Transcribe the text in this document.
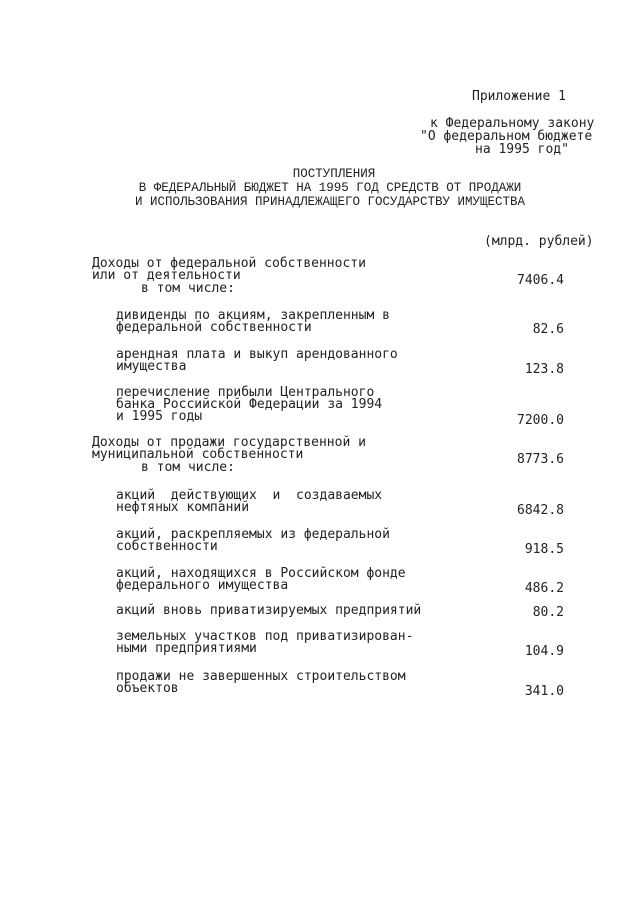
Приложение 1
к Федеральному закону
"О федеральном бюджете
на 1995 год"
ПОСТУПЛЕНИЯ
В ФЕДЕРАЛЬНЫЙ БЮДЖЕТ НА 1995 ГОД СРЕДСТВ ОТ ПРОДАЖИ
И ИСПОЛЬЗОВАНИЯ ПРИНАДЛЕЖАЩЕГО ГОСУДАРСТВУ ИМУЩЕСТВА
(млрд. рублей)
Доходы от федеральной собственности
или от деятельности	7406.4
в том числе:
дивиденды по акциям, закрепленным в
федеральной собственности	82.6
арендная плата и выкуп арендованного
имущества	123.8
перечисление прибыли Центрального
банка Российской Федерации за 1994
и 1995 годы	7200.0
Доходы от продажи государственной и
муниципальной собственности	8773.6
в том числе:
акций  действующих  и  создаваемых
нефтяных компаний	6842.8
акций, раскрепляемых из федеральной
собственности	918.5
акций, находящихся в Российском фонде
федерального имущества	486.2
акций вновь приватизируемых предприятий	80.2
земельных участков под приватизирован-
ными предприятиями	104.9
продажи не завершенных строительством
объектов	341.0
